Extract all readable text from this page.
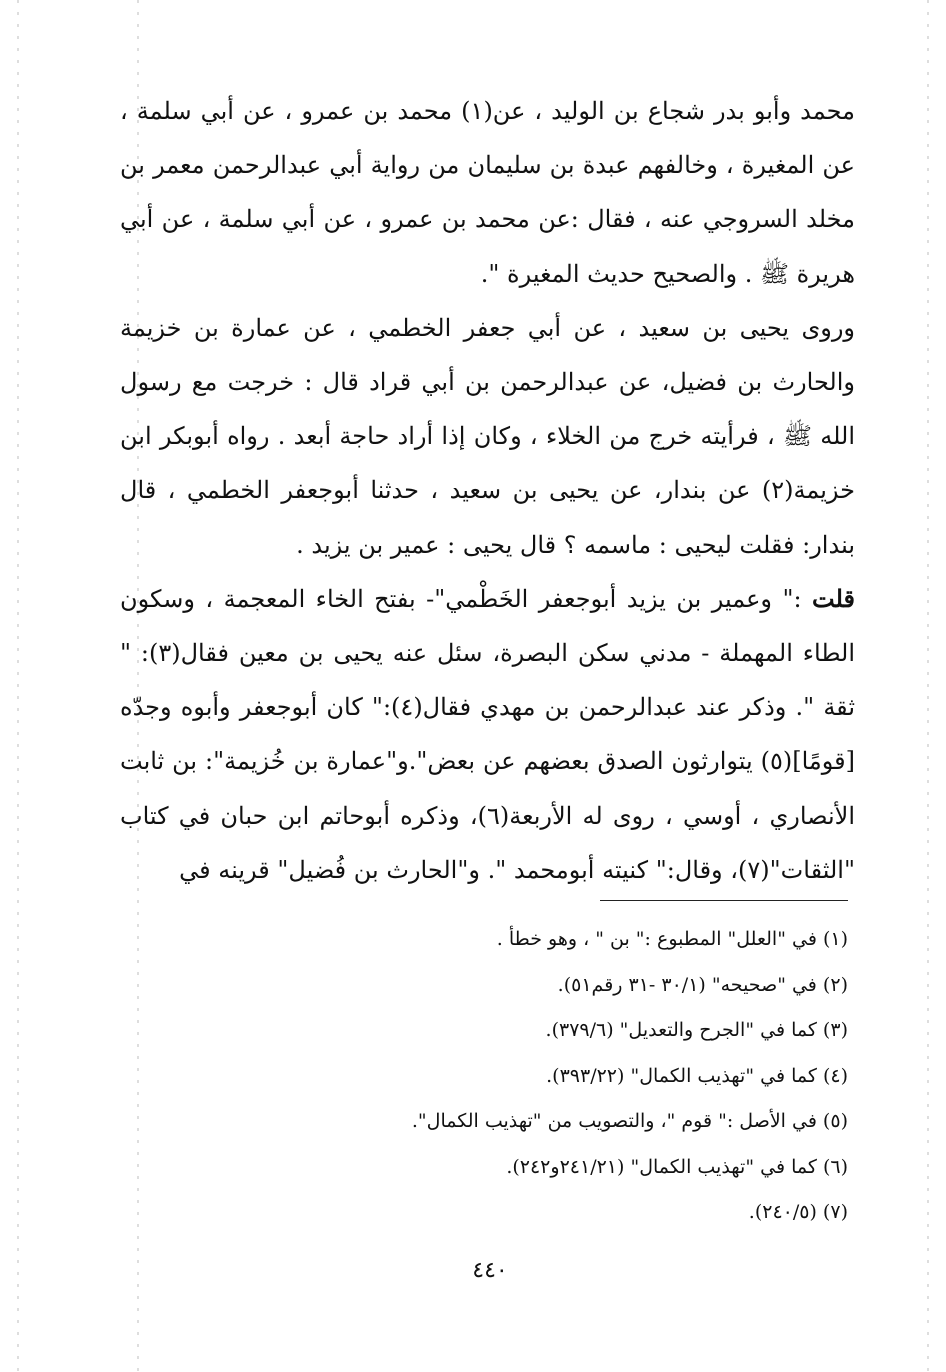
محمد وأبو بدر شجاع بن الوليد ، عن(١) محمد بن عمرو ، عن أبي سلمة ، عن المغيرة ، وخالفهم عبدة بن سليمان من رواية أبي عبدالرحمن معمر بن مخلد السروجي عنه ، فقال :عن محمد بن عمرو ، عن أبي سلمة ، عن أبي هريرة ﷺ . والصحيح حديث المغيرة ".

وروى يحيى بن سعيد ، عن أبي جعفر الخطمي ، عن عمارة بن خزيمة والحارث بن فضيل، عن عبدالرحمن بن أبي قراد قال : خرجت مع رسول الله ﷺ ، فرأيته خرج من الخلاء ، وكان إذا أراد حاجة أبعد . رواه أبوبكر ابن خزيمة(٢) عن بندار، عن يحيى بن سعيد ، حدثنا أبوجعفر الخطمي ، قال بندار: فقلت ليحيى : ماسمه ؟ قال يحيى : عمير بن يزيد .

قلت :" وعمير بن يزيد أبوجعفر الخَطْمي"- بفتح الخاء المعجمة ، وسكون الطاء المهملة - مدني سكن البصرة، سئل عنه يحيى بن معين فقال(٣): " ثقة ". وذكر عند عبدالرحمن بن مهدي فقال(٤):" كان أبوجعفر وأبوه وجدّه [قومًا](٥) يتوارثون الصدق بعضهم عن بعض".و"عمارة بن خُزيمة": بن ثابت الأنصاري ، أوسي ، روى له الأربعة(٦)، وذكره أبوحاتم ابن حبان في كتاب "الثقات"(٧)، وقال:" كنيته أبومحمد ". و"الحارث بن فُضيل" قرينه في

(١) في "العلل" المطبوع :" بن " ، وهو خطأ .
(٢) في "صحيحه" (٣٠/١ -٣١ رقم٥١).
(٣) كما في "الجرح والتعديل" (٣٧٩/٦).
(٤) كما في "تهذيب الكمال" (٣٩٣/٢٢).
(٥) في الأصل :" قوم "، والتصويب من "تهذيب الكمال".
(٦) كما في "تهذيب الكمال" (٢٤١/٢١و٢٤٢).
(٧) (٢٤٠/٥).
٤٤٠
